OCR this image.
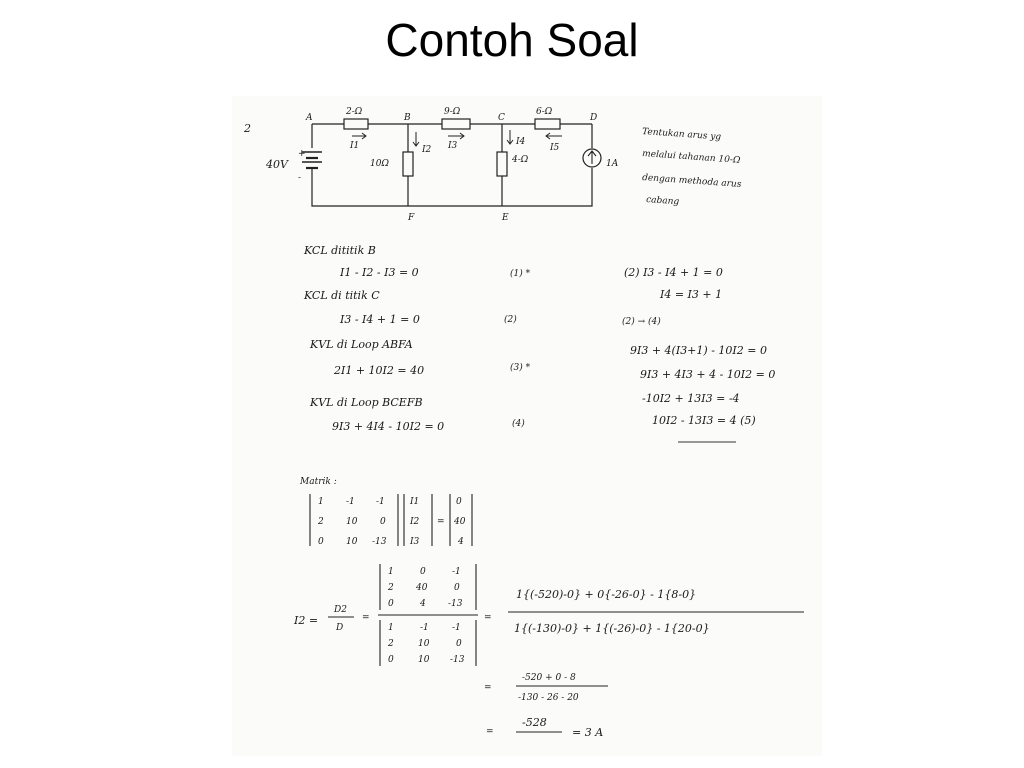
Contoh Soal
2
A	B	C	D
F	E
2-Ω	9-Ω	6-Ω
10Ω	4-Ω
40V
+
-
1A
I1	I2 I3	I4
I5
Tentukan arus yg
melalui tahanan 10-Ω
dengan methoda arus
cabang
KCL dititik B
I1 - I2 - I3 = 0
KCL di titik C
I3 - I4 + 1 = 0
KVL di Loop ABFA
2I1 + 10I2 = 40
KVL di Loop BCEFB
9I3 + 4I4 - 10I2 = 0
(1) *
(2)
(3) *
(4)
(2) I3 - I4 + 1 = 0
I4 = I3 + 1
(2) → (4)
9I3 + 4(I3+1) - 10I2 = 0
9I3 + 4I3 + 4 - 10I2 = 0
-10I2 + 13I3 = -4
10I2 - 13I3 = 4 (5)
Matrik :
1 -1 -1
2 10	0
0 10 -13
I1
I2
I3
=
0
40
4
I2 =
D2
D
=
1	0	-1
2 40	0
0	4 -13
1	-1	-1
2	10	0
0	10 -13
=
1{(-520)-0} + 0{-26-0} - 1{8-0}
1{(-130)-0} + 1{(-26)-0} - 1{20-0}
=
-520 + 0 - 8
-130 - 26 - 20
=
-528
= 3 A
